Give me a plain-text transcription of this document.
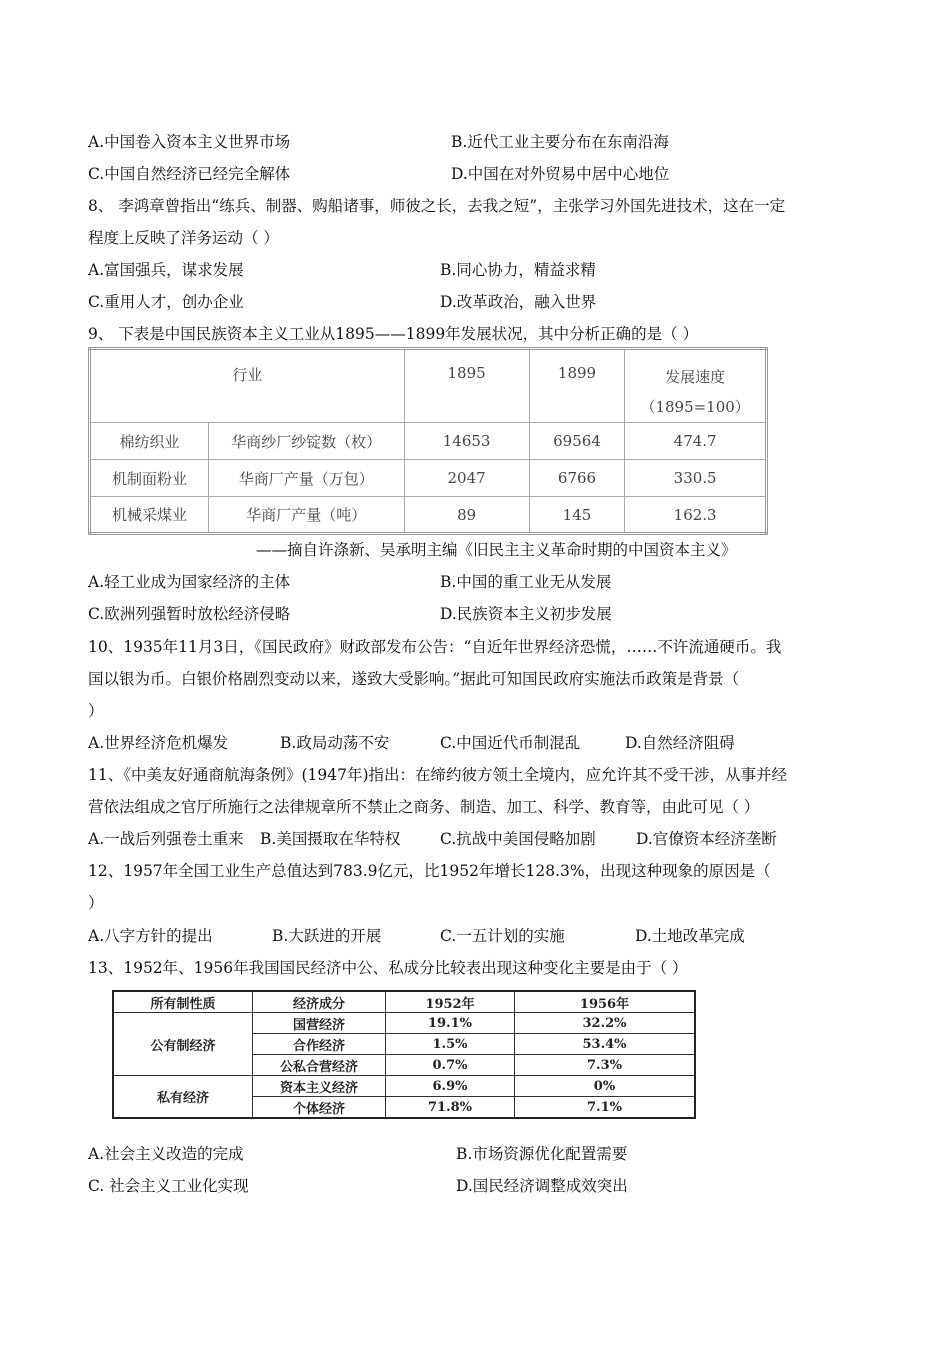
A.中国卷入资本主义世界市场	B.近代工业主要分布在东南沿海
C.中国自然经济已经完全解体	D.中国在对外贸易中居中心地位
8、 李鸿章曾指出“练兵、制器、购船诸事，师彼之长，去我之短”，主张学习外国先进技术，这在一定
程度上反映了洋务运动（ ）
A.富国强兵，谋求发展	B.同心协力，精益求精
C.重用人才，创办企业	D.改革政治，融入世界
9、 下表是中国民族资本主义工业从1895——1899年发展状况，其中分析正确的是（ ）
行业		1895	1899	发展速度
（1895=100）

棉纺织业	华商纱厂纱锭数（枚）	14653	69564	474.7
机制面粉业	华商厂产量（万包）	2047	6766	330.5
机械采煤业	华商厂产量（吨）	89	145	162.3
——摘自许涤新、吴承明主编《旧民主主义革命时期的中国资本主义》
A.轻工业成为国家经济的主体	B.中国的重工业无从发展
C.欧洲列强暂时放松经济侵略	D.民族资本主义初步发展
10、1935年11月3日，《国民政府》财政部发布公告：“自近年世界经济恐慌，……不许流通硬币。我
国以银为币。白银价格剧烈变动以来，遂致大受影响。”据此可知国民政府实施法币政策是背景（
）
A.世界经济危机爆发	B.政局动荡不安	C.中国近代币制混乱	D.自然经济阻碍
11、《中美友好通商航海条例》(1947年)指出：在缔约彼方领土全境内，应允许其不受干涉，从事并经
营依法组成之官厅所施行之法律规章所不禁止之商务、制造、加工、科学、教育等，由此可见（ ）
A.一战后列强卷土重来 B.美国摄取在华特权	C.抗战中美国侵略加剧	D.官僚资本经济垄断
12、1957年全国工业生产总值达到783.9亿元，比1952年增长128.3%，出现这种现象的原因是（
）
A.八字方针的提出	B.大跃进的开展	C.一五计划的实施	D.土地改革完成
13、1952年、1956年我国国民经济中公、私成分比较表出现这种变化主要是由于（ ）
所有制性质	经济成分	1952年	1956年
公有制经济	国营经济	19.1%	32.2%
	合作经济	1.5%	53.4%
	公私合营经济	0.7%	7.3%
私有经济	资本主义经济	6.9%	0%
	个体经济	71.8%	7.1%
A.社会主义改造的完成	B.市场资源优化配置需要
C. 社会主义工业化实现	D.国民经济调整成效突出
